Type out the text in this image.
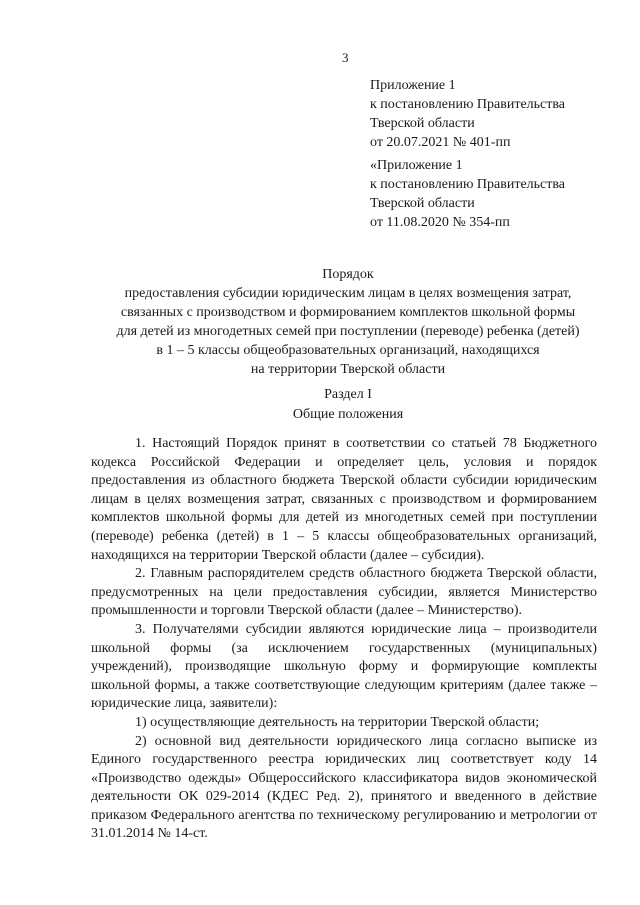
3
Приложение 1
к постановлению Правительства
Тверской области
от 20.07.2021 № 401-пп
«Приложение 1
к постановлению Правительства
Тверской области
от 11.08.2020 № 354-пп
Порядок
предоставления субсидии юридическим лицам в целях возмещения затрат,
связанных с производством и формированием комплектов школьной формы
для детей из многодетных семей при поступлении (переводе) ребенка (детей)
в 1 – 5 классы общеобразовательных организаций, находящихся
на территории Тверской области
Раздел I
Общие положения

1. Настоящий Порядок принят в соответствии со статьей 78 Бюджетного кодекса Российской Федерации и определяет цель, условия и порядок предоставления из областного бюджета Тверской области субсидии юридическим лицам в целях возмещения затрат, связанных с производством и формированием комплектов школьной формы для детей из многодетных семей при поступлении (переводе) ребенка (детей) в 1 – 5 классы общеобразовательных организаций, находящихся на территории Тверской области (далее – субсидия).

2. Главным распорядителем средств областного бюджета Тверской области, предусмотренных на цели предоставления субсидии, является Министерство промышленности и торговли Тверской области (далее – Министерство).

3. Получателями субсидии являются юридические лица – производители школьной формы (за исключением государственных (муниципальных) учреждений), производящие школьную форму и формирующие комплекты школьной формы, а также соответствующие следующим критериям (далее также – юридические лица, заявители):

1) осуществляющие деятельность на территории Тверской области;

2) основной вид деятельности юридического лица согласно выписке из Единого государственного реестра юридических лиц соответствует коду 14 «Производство одежды» Общероссийского классификатора видов экономической деятельности ОК 029-2014 (КДЕС Ред. 2), принятого и введенного в действие приказом Федерального агентства по техническому регулированию и метрологии от 31.01.2014 № 14-ст.
